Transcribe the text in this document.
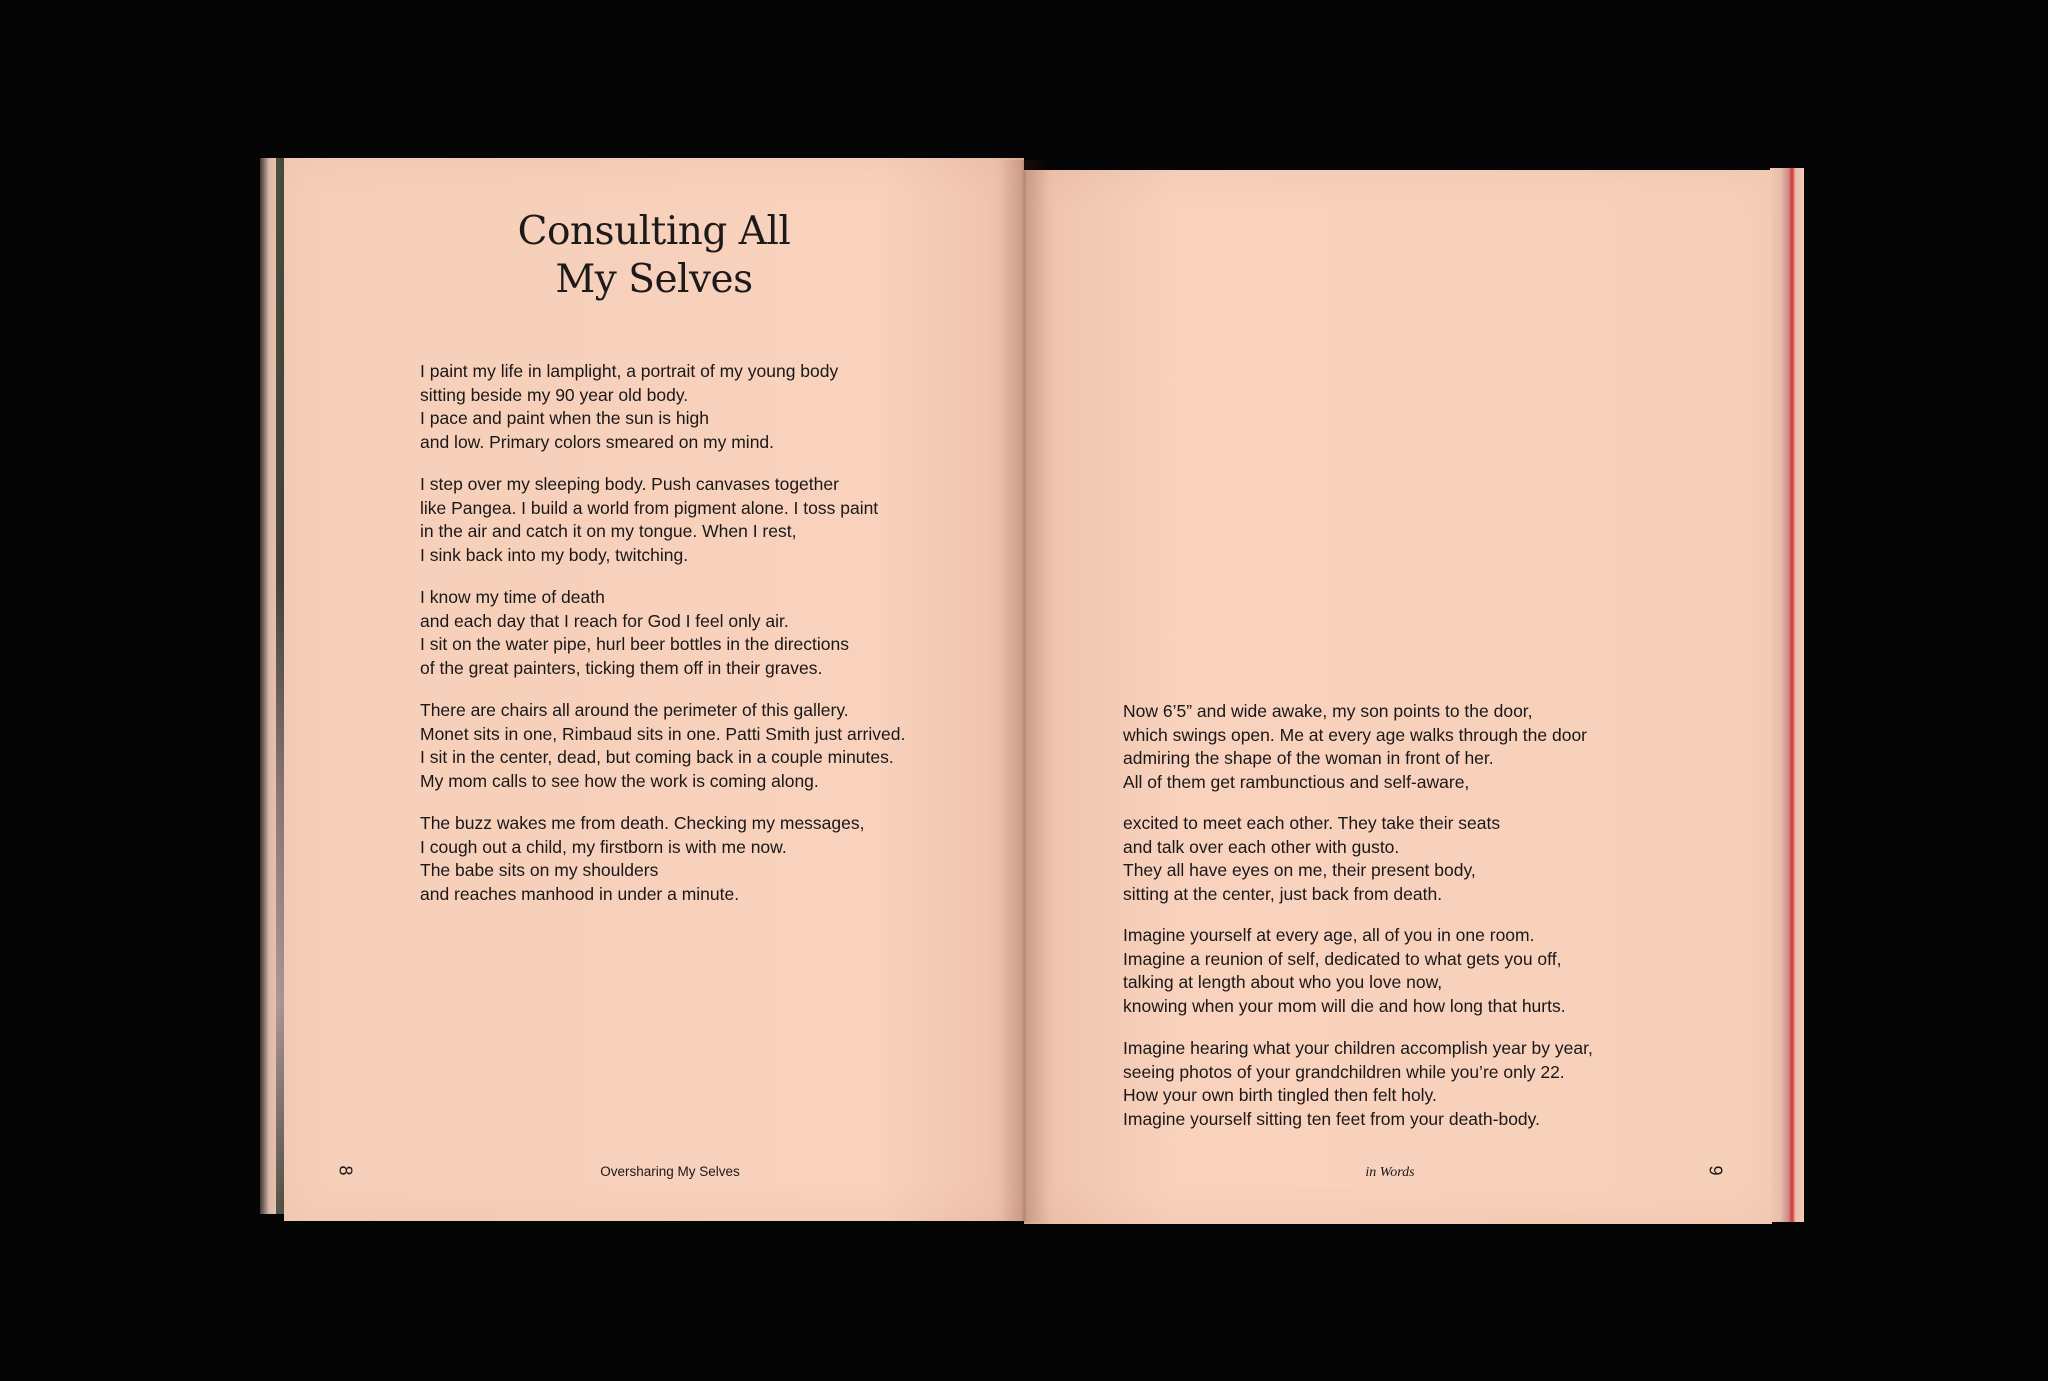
Consulting All
My Selves

I paint my life in lamplight, a portrait of my young body
sitting beside my 90 year old body.
I pace and paint when the sun is high
and low. Primary colors smeared on my mind.

I step over my sleeping body. Push canvases together
like Pangea. I build a world from pigment alone. I toss paint
in the air and catch it on my tongue. When I rest,
I sink back into my body, twitching.

I know my time of death
and each day that I reach for God I feel only air.
I sit on the water pipe, hurl beer bottles in the directions
of the great painters, ticking them off in their graves.

There are chairs all around the perimeter of this gallery.
Monet sits in one, Rimbaud sits in one. Patti Smith just arrived.
I sit in the center, dead, but coming back in a couple minutes.
My mom calls to see how the work is coming along.

The buzz wakes me from death. Checking my messages,
I cough out a child, my firstborn is with me now.
The babe sits on my shoulders
and reaches manhood in under a minute.

8	Oversharing My Selves

Now 6’5” and wide awake, my son points to the door,
which swings open. Me at every age walks through the door
admiring the shape of the woman in front of her.
All of them get rambunctious and self-aware,

excited to meet each other. They take their seats
and talk over each other with gusto.
They all have eyes on me, their present body,
sitting at the center, just back from death.

Imagine yourself at every age, all of you in one room.
Imagine a reunion of self, dedicated to what gets you off,
talking at length about who you love now,
knowing when your mom will die and how long that hurts.

Imagine hearing what your children accomplish year by year,
seeing photos of your grandchildren while you’re only 22.
How your own birth tingled then felt holy.
Imagine yourself sitting ten feet from your death-body.

in Words	9
